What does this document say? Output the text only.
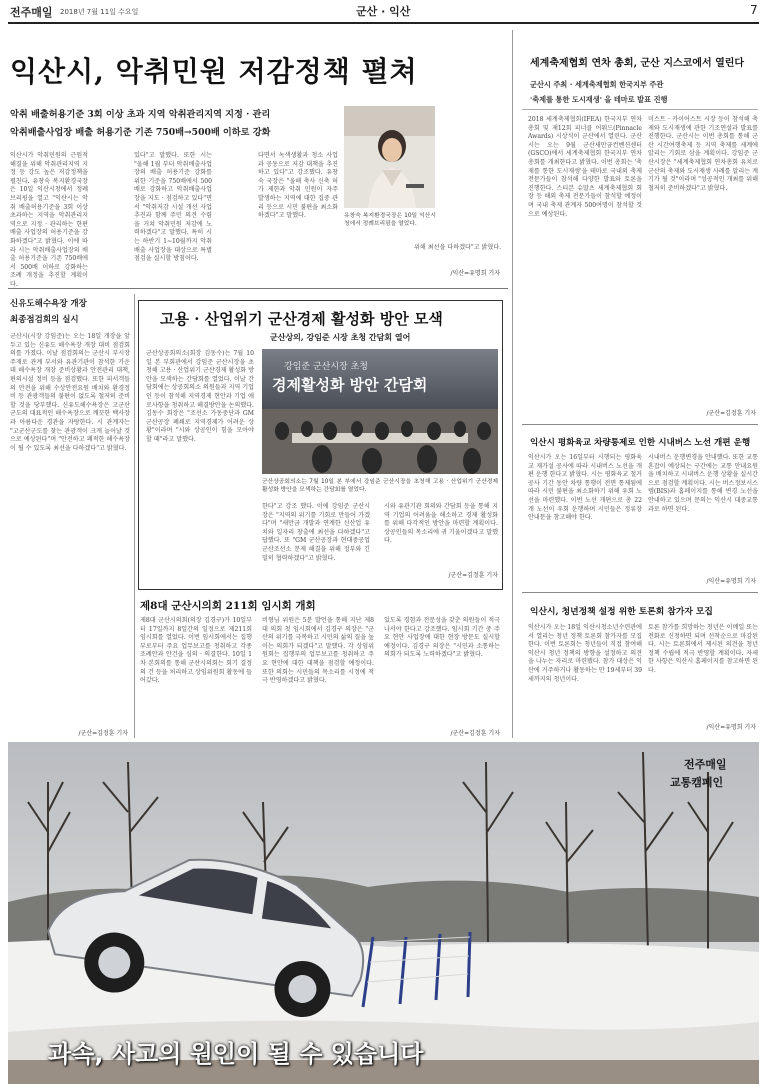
전주매일 2018년 7월 11일 수요일	군산 · 익산	7
익산시, 악취민원 저감정책 펼쳐
악취 배출허용기준 3회 이상 초과 지역 악취관리지역 지정 · 관리
악취배출사업장 배출 허용기준 기존 750배→500배 이하로 강화
유창숙 복지환경국장은 10일 익산시청에서 정례브리핑을 열었다.
익산시가 악취민원의 근원적 해결을 위해 악취관리지역 지정 등 강도 높은 저감정책을 펼친다. 유창숙 복지환경국장은 10일 익산시청에서 정례브리핑을 열고 "익산시는 악취 배출허용기준을 3회 이상 초과하는 지역을 악취관리지역으로 지정 · 관리하는 한편 배출 사업장의 허용기준을 강화하겠다"고 밝혔다. 이에 따라 시는 악취배출사업장의 배출 허용기준을 기존 750배에서 500배 이하로 강화하는 조례 개정을 추진할 계획이다.
있다"고 말했다. 또한 시는 "올해 1월 부터 악취배출사업장의 배출 허용기준 강화를 위한 기준을 750배에서 500배로 강화하고 악취배출사업장을 지도 · 점검하고 있다"면서 "악취저감 시설 개선 사업 추진과 함께 주민 의견 수렴을 거쳐 악취민원 저감에 노력하겠다"고 말했다. 특히 시는 하반기 1~10월까지 악취배출 사업장을 대상으로 특별점검을 실시할 방침이다.
다면서 녹색생활과 청소 사업과 공동으로 저감 대책을 추진하고 있다"고 강조했다. 유창숙 국장은 "올해 축사 신축 허가 제한과 악취 민원이 자주 발생하는 지역에 대한 집중 관리 등으로 시민 불편을 최소화 하겠다"고 말했다.
위해 최선을 다하겠다"고 밝혔다.
/익산=유명희 기자
신유도해수욕장 개장
최종점검회의 실시
군산시(시장 강임준)는 오는 18일 개장을 앞두고 있는 신유도 해수욕장 개장 대비 점검회의를 가졌다. 이날 점검회의는 군산시 부시장 주재로 관계 부서와 유관기관이 참석한 가운데 해수욕장 개장 준비상황과 안전관리 대책, 편의시설 정비 등을 점검했다. 또한 피서객들의 안전을 위해 수상안전요원 배치와 환경정비 등 관광객들의 불편이 없도록 철저히 준비할 것을 당부했다. 신유도해수욕장은 고군산군도의 대표적인 해수욕장으로 깨끗한 백사장과 아름다운 경관을 자랑한다. 시 관계자는 "고군산군도를 찾는 관광객이 크게 늘어날 것으로 예상된다"며 "안전하고 쾌적한 해수욕장이 될 수 있도록 최선을 다하겠다"고 밝혔다.
/군산=김정훈 기자
고용 · 산업위기 군산경제 활성화 방안 모색
군산상의, 강임준 시장 초청 간담회 열어
군산상공회의소(회장 김동수)는 7월 10일 본 부회관에서 강임준 군산시장을 초청해 고용 · 산업위기 군산경제 활성화 방안을 모색하는 간담회를 열었다. 이날 간담회에는 상공회의소 의원들과 지역 기업인 등이 참석해 지역경제 현안과 기업 애로사항을 청취하고 해결방안을 논의했다. 김동수 회장은 "조선소 가동중단과 GM 군산공장 폐쇄로 지역경제가 어려운 상황"이라며 "시와 상공인이 힘을 모아야 할 때"라고 말했다.
강임준 군산시장 초청
경제활성화 방안 간담회
군산상공회의소는 7월 10일 본 부에서 강임준 군산시장을 초청해 고용 · 산업위기 군산경제 활성화 방안을 모색하는 간담회를 열었다.
한다"고 강조 했다. 이에 강임준 군산시장은 "지역의 위기를 기회로 만들어 가겠다"며 "새만금 개발과 연계한 신산업 유치와 일자리 창출에 최선을 다하겠다"고 답했다. 또 "GM 군산공장과 현대중공업 군산조선소 문제 해결을 위해 정부와 긴밀히 협력하겠다"고 밝혔다.
시와 유관기관 회의와 간담회 등을 통해 지역 기업의 어려움을 해소하고 경제 활성화를 위해 다각적인 방안을 마련할 계획이다. 상공인들의 목소리에 귀 기울이겠다고 말했다.
/군산=김정훈 기자
제8대 군산시의회 211회 임시회 개회
제8대 군산시의회(의장 김경구)가 10일부터 17일까지 8일간의 일정으로 제211회 임시회를 열었다. 이번 임시회에서는 집행부로부터 주요 업무보고를 청취하고 각종 조례안과 안건을 심의 · 의결한다. 10일 1차 본회의를 통해 군산시의회는 회기 결정의 건 등을 처리하고 상임위원회 활동에 들어갔다.
비형님 위원은 5분 발언을 통해 지난 제8대 의회 첫 임시회에서 김경구 의장은 "군산의 위기를 극복하고 시민의 삶의 질을 높이는 의회가 되겠다"고 말했다. 각 상임위원회는 집행부의 업무보고를 청취하고 주요 현안에 대한 대책을 점검할 예정이다. 또한 의회는 시민들의 목소리를 시정에 적극 반영하겠다고 밝혔다.
있도록 경험과 전문성을 갖춘 의원들이 적극 나서야 한다고 강조했다. 임시회 기간 중 주요 현안 사업장에 대한 현장 방문도 실시할 예정이다. 김경구 의장은 "시민과 소통하는 의회가 되도록 노력하겠다"고 밝혔다.
/군산=김정훈 기자
세계축제협회 연차 총회, 군산 지스코에서 열린다
군산시 주최 · 세계축제협회 한국지부 주관
'축제를 통한 도시재생' 을 테마로 발표 진행
2018 세계축제협회(IFEA) 한국지부 연차 총회 및 제12회 피너클 어워드(Pinnacle Awards) 시상식이 군산에서 열린다. 군산시는 오는 9월 군산새만금컨벤션센터(GSCO)에서 세계축제협회 한국지부 연차총회를 개최한다고 밝혔다. 이번 총회는 '축제를 통한 도시재생'을 테마로 국내외 축제 전문가들이 참석해 다양한 발표와 토론을 진행한다. 스티븐 슈말츠 세계축제협회 회장 등 해외 축제 전문가들이 참석할 예정이며 국내 축제 관계자 500여명이 참석할 것으로 예상된다.
미스트 · 카이어스트 시장 등이 참석해 축제와 도시재생에 관한 기조연설과 발표를 진행한다. 군산시는 이번 총회를 통해 군산 시간여행축제 등 지역 축제를 세계에 알리는 기회로 삼을 계획이다. 강임준 군산시장은 "세계축제협회 연차총회 유치로 군산의 축제와 도시재생 사례를 알리는 계기가 될 것"이라며 "성공적인 개최를 위해 철저히 준비하겠다"고 밝혔다.
/군산=김정훈 기자
익산시 평화육교 차량통제로 인한 시내버스 노선 개편 운행
익산시가 오는 16일부터 시행되는 평화육교 재가설 공사에 따라 시내버스 노선을 개편 운행 한다고 밝혔다. 시는 평화육교 철거 공사 기간 동안 차량 통행이 전면 통제됨에 따라 시민 불편을 최소화하기 위해 우회 노선을 마련했다. 이번 노선 개편으로 총 22개 노선이 우회 운행하며 시민들은 정류장 안내문을 참고해야 한다.
시내버스 운행변경을 안내했다. 또한 교통혼잡이 예상되는 구간에는 교통 안내요원을 배치하고 시내버스 운행 상황을 실시간으로 점검할 계획이다. 시는 버스정보시스템(BIS)과 홈페이지를 통해 변경 노선을 안내하고 있으며 문의는 익산시 대중교통과로 하면 된다.
/익산=유명희 기자
익산시, 청년정책 설정 위한 토론회 참가자 모집
익산시가 오는 18일 익산시청소년수련관에서 열리는 청년 정책 토론회 참가자를 모집한다. 이번 토론회는 청년들이 직접 참여해 익산시 청년 정책의 방향을 설정하고 의견을 나누는 자리로 마련됐다. 참가 대상은 익산에 거주하거나 활동하는 만 19세부터 39세까지의 청년이다.
토론 참가를 희망하는 청년은 이메일 또는 전화로 신청하면 되며 선착순으로 마감된다. 시는 토론회에서 제시된 의견을 청년 정책 수립에 적극 반영할 계획이다. 자세한 사항은 익산시 홈페이지를 참고하면 된다.
/익산=유명희 기자
전주매일
교통캠페인
과속, 사고의 원인이 될 수 있습니다
